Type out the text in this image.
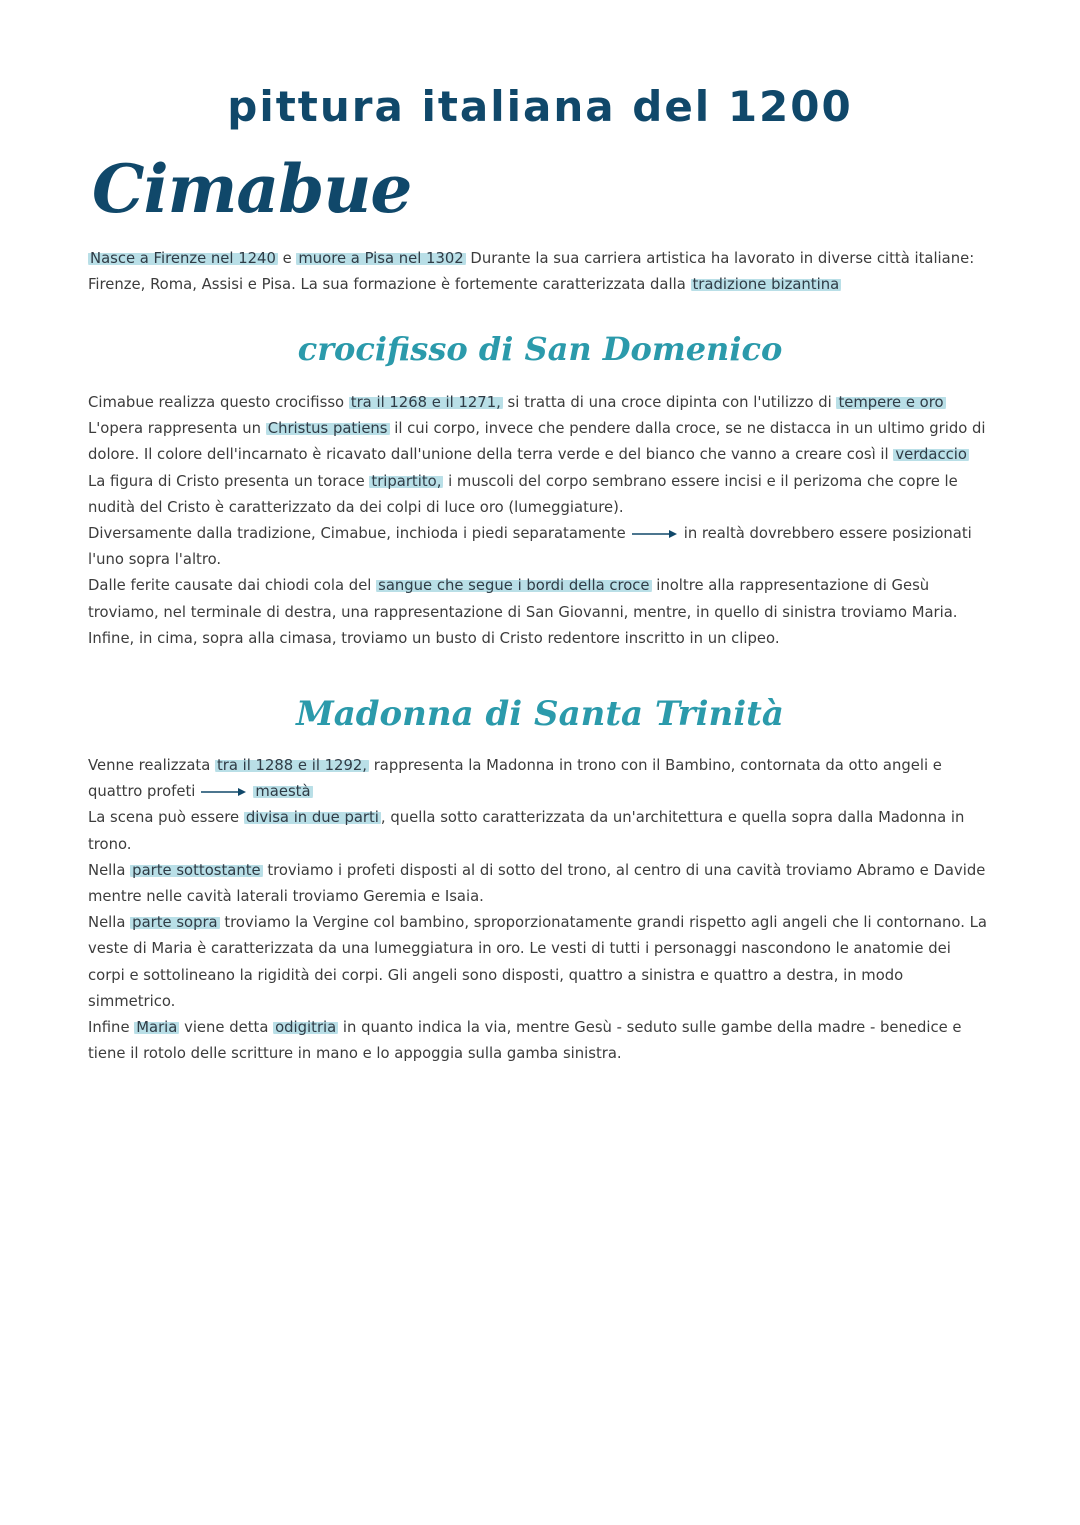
pittura italiana del 1200
Cimabue

Nasce a Firenze nel 1240 e muore a Pisa nel 1302 Durante la sua carriera artistica ha lavorato in diverse città italiane: Firenze, Roma, Assisi e Pisa. La sua formazione è fortemente caratterizzata dalla tradizione bizantina

crocifisso di San Domenico

Cimabue realizza questo crocifisso tra il 1268 e il 1271, si tratta di una croce dipinta con l'utilizzo di tempere e oro

L'opera rappresenta un Christus patiens il cui corpo, invece che pendere dalla croce, se ne distacca in un ultimo grido di dolore. Il colore dell'incarnato è ricavato dall'unione della terra verde e del bianco che vanno a creare così il verdaccio

La figura di Cristo presenta un torace tripartito, i muscoli del corpo sembrano essere incisi e il perizoma che copre le nudità del Cristo è caratterizzato da dei colpi di luce oro (lumeggiature).

Diversamente dalla tradizione, Cimabue, inchioda i piedi separatamente	in realtà dovrebbero essere posizionati l'uno sopra l'altro.

Dalle ferite causate dai chiodi cola del sangue che segue i bordi della croce inoltre alla rappresentazione di Gesù troviamo, nel terminale di destra, una rappresentazione di San Giovanni, mentre, in quello di sinistra troviamo Maria. Infine, in cima, sopra alla cimasa, troviamo un busto di Cristo redentore inscritto in un clipeo.

Madonna di Santa Trinità

Venne realizzata tra il 1288 e il 1292, rappresenta la Madonna in trono con il Bambino, contornata da otto angeli e quattro profeti	maestà

La scena può essere divisa in due parti , quella sotto caratterizzata da un'architettura e quella sopra dalla Madonna in trono.

Nella parte sottostante troviamo i profeti disposti al di sotto del trono, al centro di una cavità troviamo Abramo e Davide mentre nelle cavità laterali troviamo Geremia e Isaia.

Nella parte sopra troviamo la Vergine col bambino, sproporzionatamente grandi rispetto agli angeli che li contornano. La veste di Maria è caratterizzata da una lumeggiatura in oro. Le vesti di tutti i personaggi nascondono le anatomie dei corpi e sottolineano la rigidità dei corpi. Gli angeli sono disposti, quattro a sinistra e quattro a destra, in modo simmetrico.

Infine Maria viene detta odigitria in quanto indica la via, mentre Gesù - seduto sulle gambe della madre - benedice e tiene il rotolo delle scritture in mano e lo appoggia sulla gamba sinistra.
